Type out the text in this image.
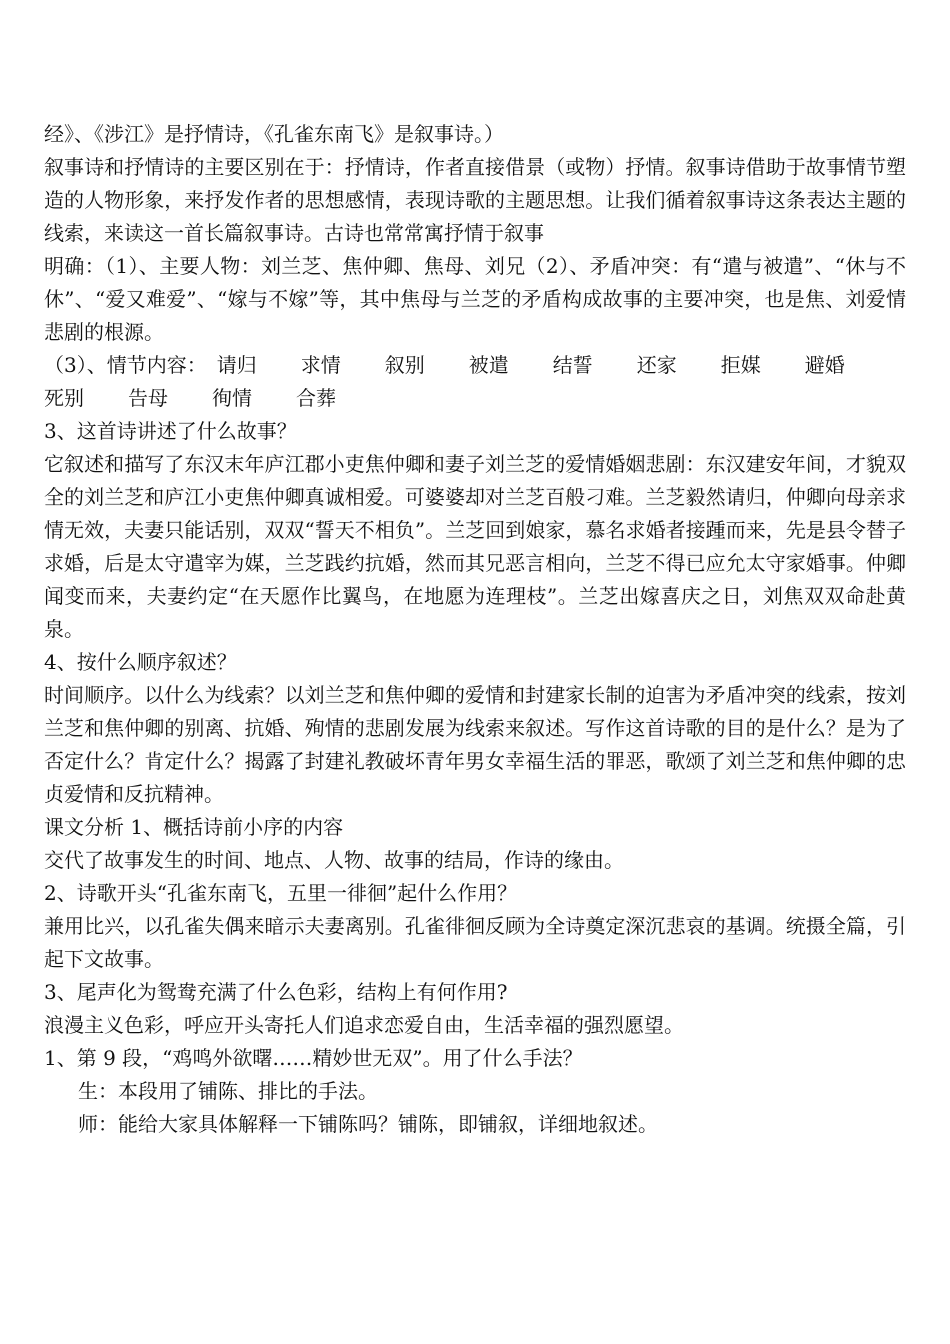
经》、《涉江》是抒情诗，《孔雀东南飞》是叙事诗。）

叙事诗和抒情诗的主要区别在于：抒情诗，作者直接借景（或物）抒情。叙事诗借助于故事情节塑造的人物形象，来抒发作者的思想感情，表现诗歌的主题思想。让我们循着叙事诗这条表达主题的线索，来读这一首长篇叙事诗。古诗也常常寓抒情于叙事

明确：（1）、主要人物：刘兰芝、焦仲卿、焦母、刘兄（2）、矛盾冲突：有“遣与被遣”、“休与不休”、“爱又难爱”、“嫁与不嫁”等，其中焦母与兰芝的矛盾构成故事的主要冲突，也是焦、刘爱情悲剧的根源。

（3）、情节内容： 请归 求情 叙别 被遣 结誓 还家 拒媒 避婚
死别 告母 徇情 合葬

3、这首诗讲述了什么故事？

它叙述和描写了东汉末年庐江郡小吏焦仲卿和妻子刘兰芝的爱情婚姻悲剧：东汉建安年间，才貌双全的刘兰芝和庐江小吏焦仲卿真诚相爱。可婆婆却对兰芝百般刁难。兰芝毅然请归，仲卿向母亲求情无效，夫妻只能话别，双双“誓天不相负”。兰芝回到娘家，慕名求婚者接踵而来，先是县令替子求婚，后是太守遣宰为媒，兰芝践约抗婚，然而其兄恶言相向，兰芝不得已应允太守家婚事。仲卿闻变而来，夫妻约定“在天愿作比翼鸟，在地愿为连理枝”。兰芝出嫁喜庆之日，刘焦双双命赴黄泉。

4、按什么顺序叙述？

时间顺序。以什么为线索？以刘兰芝和焦仲卿的爱情和封建家长制的迫害为矛盾冲突的线索，按刘兰芝和焦仲卿的别离、抗婚、殉情的悲剧发展为线索来叙述。写作这首诗歌的目的是什么？是为了否定什么？肯定什么？揭露了封建礼教破坏青年男女幸福生活的罪恶，歌颂了刘兰芝和焦仲卿的忠贞爱情和反抗精神。

课文分析 1、概括诗前小序的内容

交代了故事发生的时间、地点、人物、故事的结局，作诗的缘由。

2、诗歌开头“孔雀东南飞，五里一徘徊”起什么作用？

兼用比兴，以孔雀失偶来暗示夫妻离别。孔雀徘徊反顾为全诗奠定深沉悲哀的基调。统摄全篇，引起下文故事。

3、尾声化为鸳鸯充满了什么色彩，结构上有何作用?

浪漫主义色彩，呼应开头寄托人们追求恋爱自由，生活幸福的强烈愿望。

1、第 9 段，“鸡鸣外欲曙……精妙世无双”。用了什么手法？

生：本段用了铺陈、排比的手法。

师：能给大家具体解释一下铺陈吗？铺陈，即铺叙，详细地叙述。
